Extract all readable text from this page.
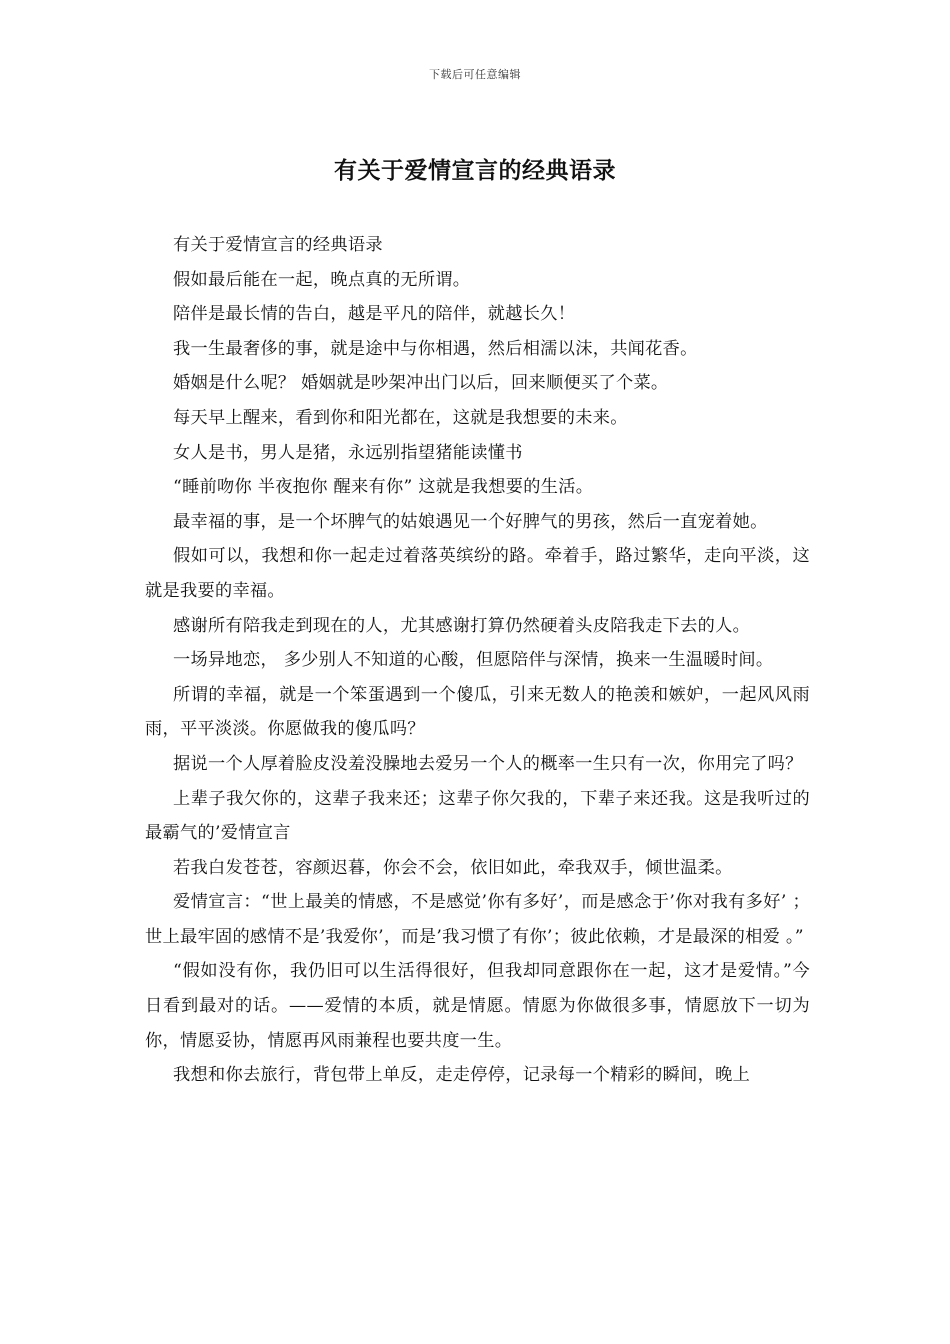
下载后可任意编辑
有关于爱情宣言的经典语录

有关于爱情宣言的经典语录

假如最后能在一起，晚点真的无所谓。

陪伴是最长情的告白，越是平凡的陪伴，就越长久！

我一生最奢侈的事，就是途中与你相遇，然后相濡以沫，共闻花香。

婚姻是什么呢？ 婚姻就是吵架冲出门以后，回来顺便买了个菜。

每天早上醒来，看到你和阳光都在，这就是我想要的未来。

女人是书，男人是猪，永远别指望猪能读懂书

“睡前吻你 半夜抱你 醒来有你” 这就是我想要的生活。

最幸福的事，是一个坏脾气的姑娘遇见一个好脾气的男孩，然后一直宠着她。

假如可以，我想和你一起走过着落英缤纷的路。牵着手，路过繁华，走向平淡，这就是我要的幸福。

感谢所有陪我走到现在的人，尤其感谢打算仍然硬着头皮陪我走下去的人。

一场异地恋， 多少别人不知道的心酸，但愿陪伴与深情，换来一生温暖时间。

所谓的幸福，就是一个笨蛋遇到一个傻瓜，引来无数人的艳羡和嫉妒，一起风风雨雨，平平淡淡。你愿做我的傻瓜吗？

据说一个人厚着脸皮没羞没臊地去爱另一个人的概率一生只有一次，你用完了吗？

上辈子我欠你的，这辈子我来还；这辈子你欠我的，下辈子来还我。这是我听过的最霸气的’爱情宣言

若我白发苍苍，容颜迟暮，你会不会，依旧如此，牵我双手，倾世温柔。

爱情宣言：“世上最美的情感，不是感觉’你有多好’，而是感念于’你对我有多好’ ；世上最牢固的感情不是’我爱你’，而是’我习惯了有你’；彼此依赖，才是最深的相爱 。”

“假如没有你，我仍旧可以生活得很好，但我却同意跟你在一起，这才是爱情。”今日看到最对的话。——爱情的本质，就是情愿。情愿为你做很多事，情愿放下一切为你，情愿妥协，情愿再风雨兼程也要共度一生。

我想和你去旅行，背包带上单反，走走停停，记录每一个精彩的瞬间，晚上
